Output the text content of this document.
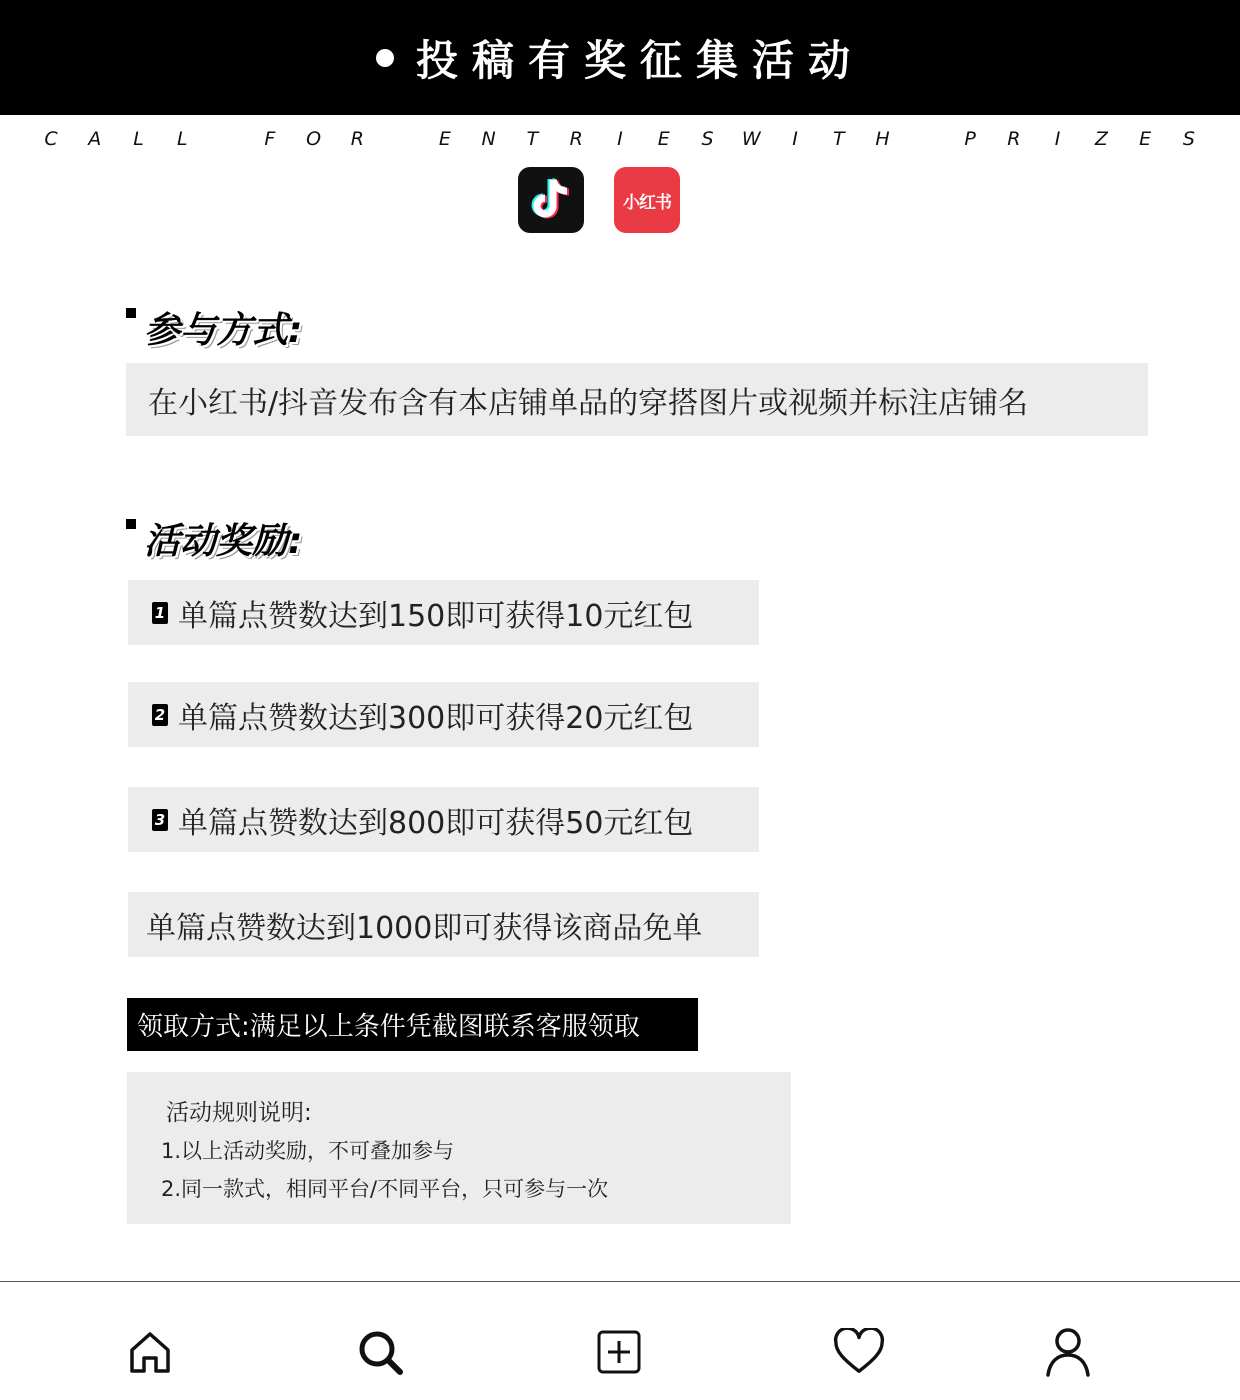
投稿有奖征集活动
C A	L	L	F O R	E N T R	I	E S W	I	T H	P R	I	Z E S
小红书
参与方式:
在小红书/抖音发布含有本店铺单品的穿搭图片或视频并标注店铺名
活动奖励:
1 单篇点赞数达到150即可获得10元红包
2 单篇点赞数达到300即可获得20元红包
3 单篇点赞数达到800即可获得50元红包
单篇点赞数达到1000即可获得该商品免单
领取方式:满足以上条件凭截图联系客服领取
活动规则说明:
1.以上活动奖励，不可叠加参与
2.同一款式，相同平台/不同平台，只可参与一次
